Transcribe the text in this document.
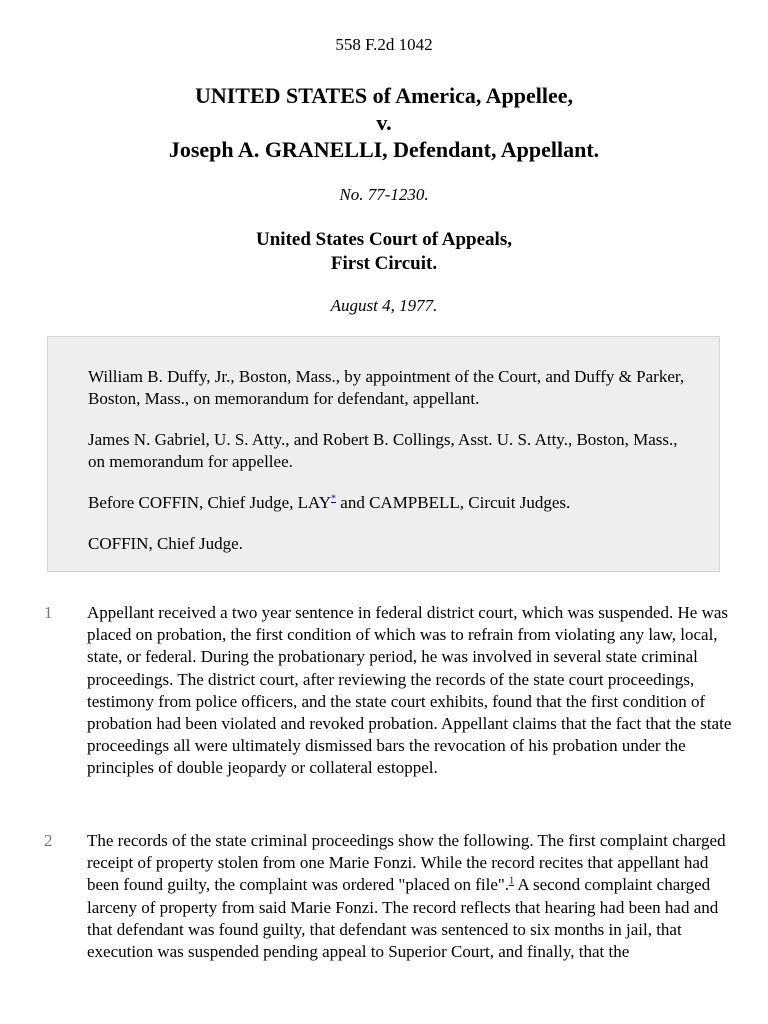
558 F.2d 1042
UNITED STATES of America, Appellee,
v.
Joseph A. GRANELLI, Defendant, Appellant.
No. 77-1230.
United States Court of Appeals,
First Circuit.
August 4, 1977.

William B. Duffy, Jr., Boston, Mass., by appointment of the Court, and Duffy & Parker, Boston, Mass., on memorandum for defendant, appellant.

James N. Gabriel, U. S. Atty., and Robert B. Collings, Asst. U. S. Atty., Boston, Mass., on memorandum for appellee.

Before COFFIN, Chief Judge, LAY* and CAMPBELL, Circuit Judges.

COFFIN, Chief Judge.

1 Appellant received a two year sentence in federal district court, which was suspended. He was placed on probation, the first condition of which was to refrain from violating any law, local, state, or federal. During the probationary period, he was involved in several state criminal proceedings. The district court, after reviewing the records of the state court proceedings, testimony from police officers, and the state court exhibits, found that the first condition of probation had been violated and revoked probation. Appellant claims that the fact that the state proceedings all were ultimately dismissed bars the revocation of his probation under the principles of double jeopardy or collateral estoppel.

2 The records of the state criminal proceedings show the following. The first complaint charged receipt of property stolen from one Marie Fonzi. While the record recites that appellant had been found guilty, the complaint was ordered "placed on file".$^1$ A second complaint charged larceny of property from said Marie Fonzi. The record reflects that hearing had been had and that defendant was found guilty, that defendant was sentenced to six months in jail, that execution was suspended pending appeal to Superior Court, and finally, that the
